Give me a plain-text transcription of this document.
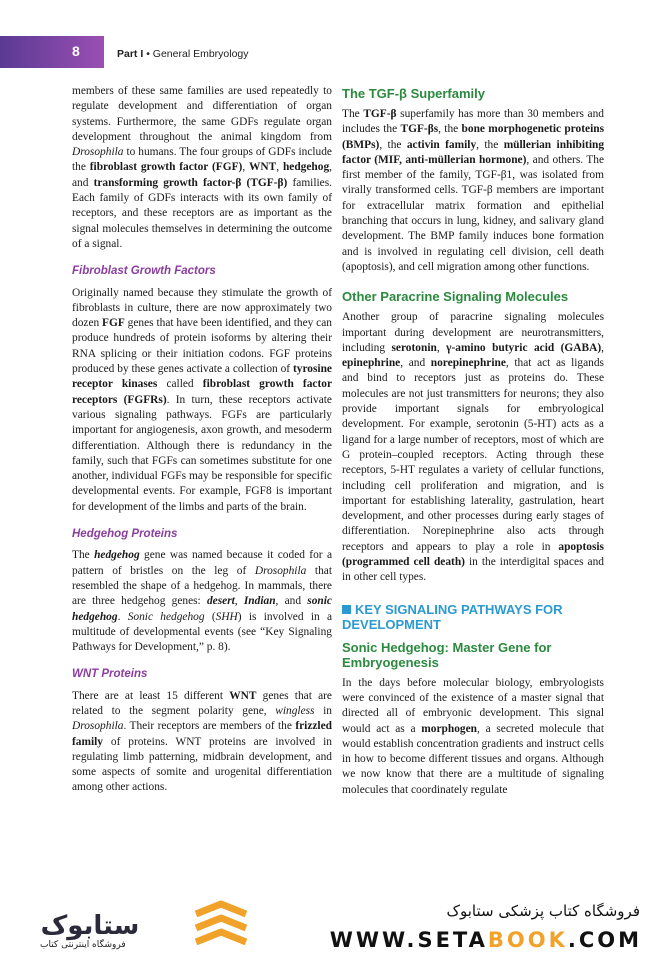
8	Part I • General Embryology

members of these same families are used repeatedly to regulate development and differentiation of organ systems. Furthermore, the same GDFs regulate organ development throughout the animal kingdom from Drosophila to humans. The four groups of GDFs include the fibroblast growth factor (FGF), WNT, hedgehog, and transforming growth factor-β (TGF-β) families. Each family of GDFs interacts with its own family of receptors, and these receptors are as important as the signal molecules themselves in determining the outcome of a signal.

Fibroblast Growth Factors

Originally named because they stimulate the growth of fibroblasts in culture, there are now approximately two dozen FGF genes that have been identified, and they can produce hundreds of protein isoforms by altering their RNA splicing or their initiation codons. FGF proteins produced by these genes activate a collection of tyrosine receptor kinases called fibroblast growth factor receptors (FGFRs). In turn, these receptors activate various signaling pathways. FGFs are particularly important for angiogenesis, axon growth, and mesoderm differentiation. Although there is redundancy in the family, such that FGFs can sometimes substitute for one another, individual FGFs may be responsible for specific developmental events. For example, FGF8 is important for development of the limbs and parts of the brain.

Hedgehog Proteins

The hedgehog gene was named because it coded for a pattern of bristles on the leg of Drosophila that resembled the shape of a hedgehog. In mammals, there are three hedgehog genes: desert, Indian, and sonic hedgehog. Sonic hedgehog (SHH) is involved in a multitude of developmental events (see “Key Signaling Pathways for Development,” p. 8).

WNT Proteins

There are at least 15 different WNT genes that are related to the segment polarity gene, wingless in Drosophila. Their receptors are members of the frizzled family of proteins. WNT proteins are involved in regulating limb patterning, midbrain development, and some aspects of somite and urogenital differentiation among other actions.

The TGF-β Superfamily

The TGF-β superfamily has more than 30 members and includes the TGF-βs, the bone morphogenetic proteins (BMPs), the activin family, the müllerian inhibiting factor (MIF, anti-müllerian hormone), and others. The first member of the family, TGF-β1, was isolated from virally transformed cells. TGF-β members are important for extracellular matrix formation and epithelial branching that occurs in lung, kidney, and salivary gland development. The BMP family induces bone formation and is involved in regulating cell division, cell death (apoptosis), and cell migration among other functions.

Other Paracrine Signaling Molecules

Another group of paracrine signaling molecules important during development are neurotransmitters, including serotonin, γ-amino butyric acid (GABA), epinephrine, and norepinephrine, that act as ligands and bind to receptors just as proteins do. These molecules are not just transmitters for neurons; they also provide important signals for embryological development. For example, serotonin (5-HT) acts as a ligand for a large number of receptors, most of which are G protein–coupled receptors. Acting through these receptors, 5-HT regulates a variety of cellular functions, including cell proliferation and migration, and is important for establishing laterality, gastrulation, heart development, and other processes during early stages of differentiation. Norepinephrine also acts through receptors and appears to play a role in apoptosis (programmed cell death) in the interdigital spaces and in other cell types.

KEY SIGNALING PATHWAYS FOR DEVELOPMENT
Sonic Hedgehog: Master Gene for Embryogenesis

In the days before molecular biology, embryologists were convinced of the existence of a master signal that directed all of embryonic development. This signal would act as a morphogen, a secreted molecule that would establish concentration gradients and instruct cells in how to become different tissues and organs. Although we now know that there are a multitude of signaling molecules that coordinately regulate

ستابوک
فروشگاه اینترنتی کتاب
فروشگاه کتاب پزشکی ستابوک
WWW.SETABOOK.COM
